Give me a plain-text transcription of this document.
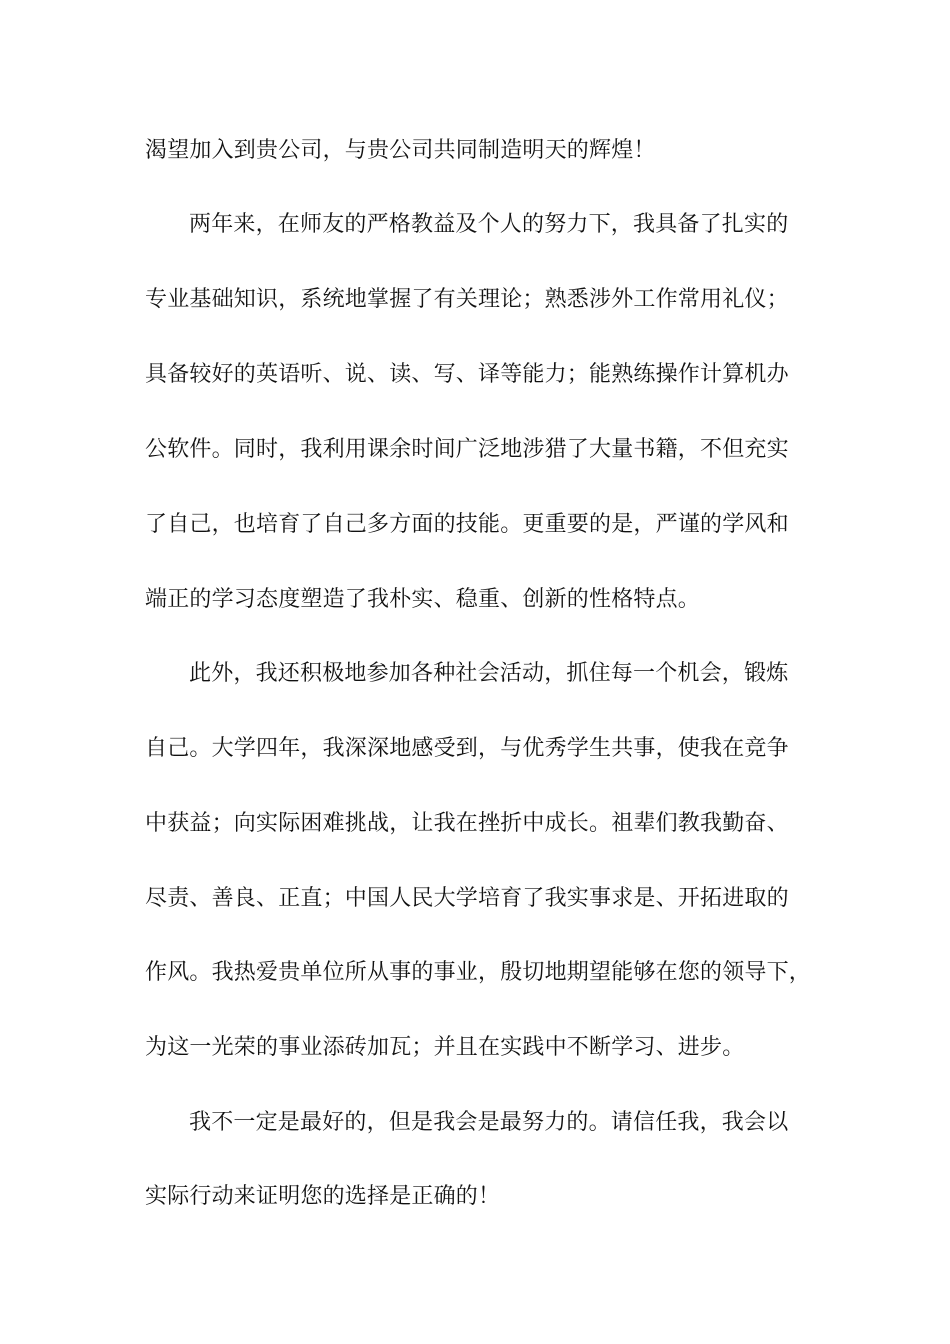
渴望加入到贵公司，与贵公司共同制造明天的辉煌！
两年来，在师友的严格教益及个人的努力下，我具备了扎实的
专业基础知识，系统地掌握了有关理论；熟悉涉外工作常用礼仪；
具备较好的英语听、说、读、写、译等能力；能熟练操作计算机办
公软件。同时，我利用课余时间广泛地涉猎了大量书籍，不但充实
了自己，也培育了自己多方面的技能。更重要的是，严谨的学风和
端正的学习态度塑造了我朴实、稳重、创新的性格特点。
此外，我还积极地参加各种社会活动，抓住每一个机会，锻炼
自己。大学四年，我深深地感受到，与优秀学生共事，使我在竞争
中获益；向实际困难挑战，让我在挫折中成长。祖辈们教我勤奋、
尽责、善良、正直；中国人民大学培育了我实事求是、开拓进取的
作风。我热爱贵单位所从事的事业，殷切地期望能够在您的领导下，
为这一光荣的事业添砖加瓦；并且在实践中不断学习、进步。
我不一定是最好的，但是我会是最努力的。请信任我，我会以
实际行动来证明您的选择是正确的！
